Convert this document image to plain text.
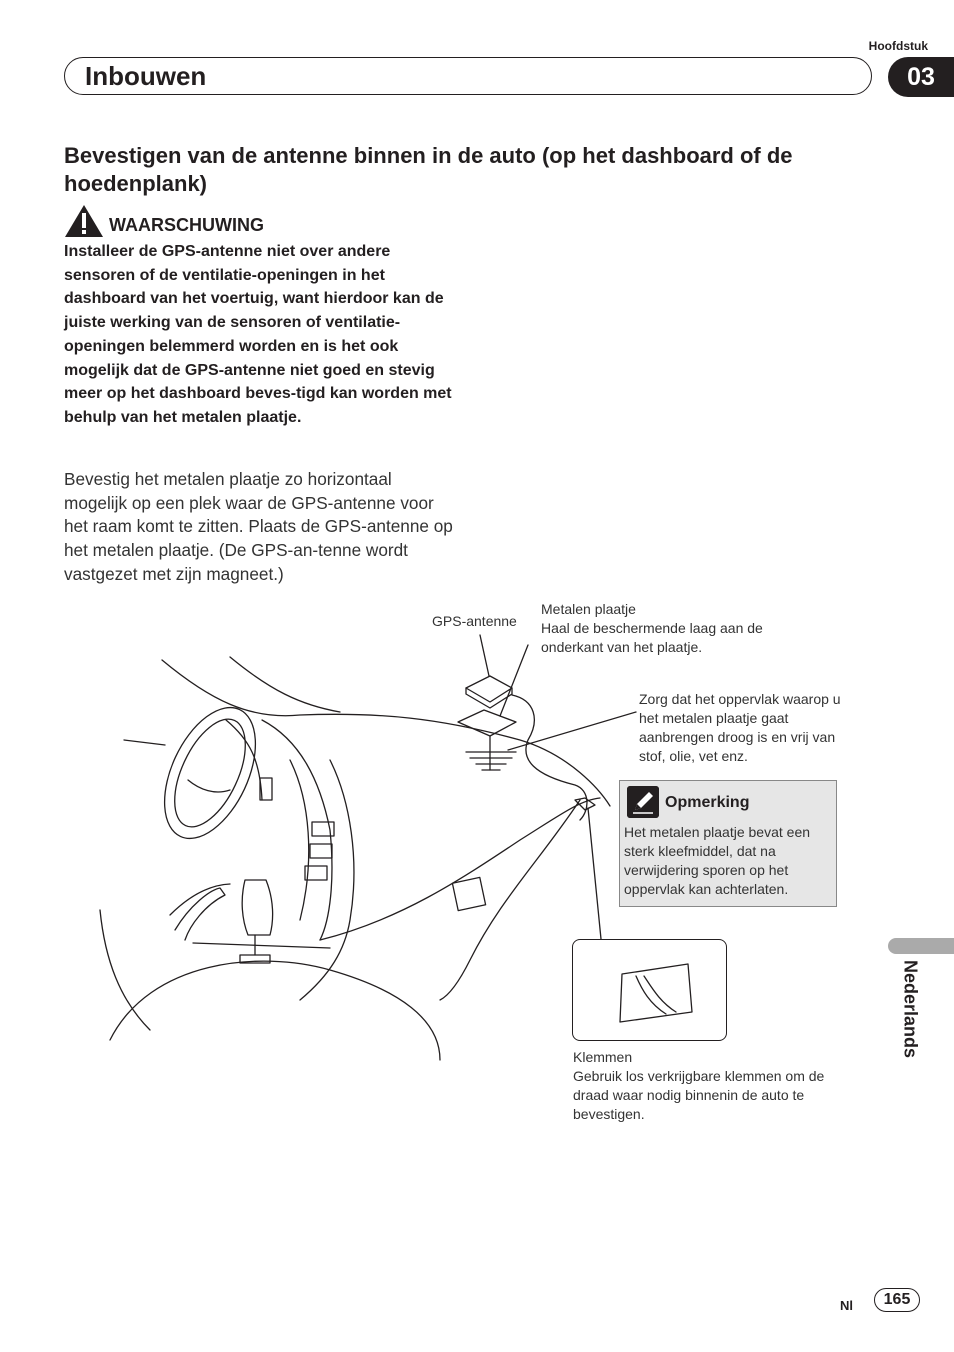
Hoofdstuk
Inbouwen	03
Bevestigen van de antenne binnen in de auto (op het dashboard of de hoedenplank)
WAARSCHUWING
Installeer de GPS-antenne niet over andere sensoren of de ventilatie-openingen in het dashboard van het voertuig, want hierdoor kan de juiste werking van de sensoren of ventilatie-openingen belemmerd worden en is het ook mogelijk dat de GPS-antenne niet goed en stevig meer op het dashboard beves-tigd kan worden met behulp van het metalen plaatje.
Bevestig het metalen plaatje zo horizontaal mogelijk op een plek waar de GPS-antenne voor het raam komt te zitten. Plaats de GPS-antenne op het metalen plaatje. (De GPS-an-tenne wordt vastgezet met zijn magneet.)
GPS-antenne
Metalen plaatje
Haal de beschermende laag aan de onderkant van het plaatje.
Zorg dat het oppervlak waarop u het metalen plaatje gaat aanbrengen droog is en vrij van stof, olie, vet enz.
Opmerking
Het metalen plaatje bevat een sterk kleefmiddel, dat na verwijdering sporen op het oppervlak kan achterlaten.
Klemmen
Gebruik los verkrijgbare klemmen om de draad waar nodig binnenin de auto te bevestigen.
Nederlands
Nl	165
